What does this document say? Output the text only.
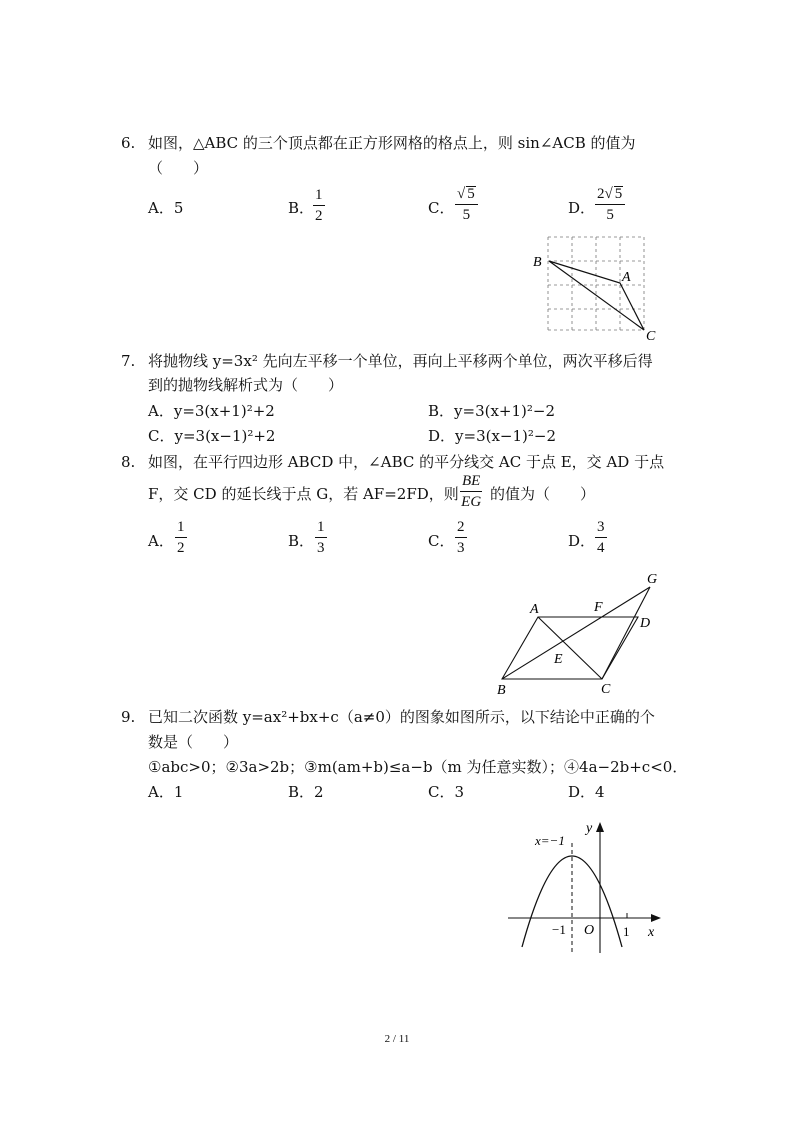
6. 如图，△ABC 的三个顶点都在正方形网格的格点上，则 sin∠ACB 的值为
（　　）
A．5	B．
1
2	C．
√ 5
5	D．
2√ 5
5
B
A
C
7. 将抛物线 y=3x² 先向左平移一个单位，再向上平移两个单位，两次平移后得
到的抛物线解析式为（　　）
A．y=3(x+1)²+2	B．y=3(x+1)²−2
C．y=3(x−1)²+2	D．y=3(x−1)²−2
8. 如图，在平行四边形 ABCD 中，∠ABC 的平分线交 AC 于点 E，交 AD 于点
F，交 CD 的延长线于点 G，若 AF=2FD，则
BE
EG 的值为（　　）
A．
1
2	B．
1
3	C．
2
3	D．
3
4
A	F
G
D
E
B	C
9. 已知二次函数 y=ax²+bx+c（a≠0）的图象如图所示，以下结论中正确的个
数是（　　）
①abc>0；②3a>2b；③m(am+b)≤a−b（m 为任意实数）；④4a−2b+c<0．
A．1	B．2	C．3	D．4
x=−1
y
x
O
−1	1
2 / 11
